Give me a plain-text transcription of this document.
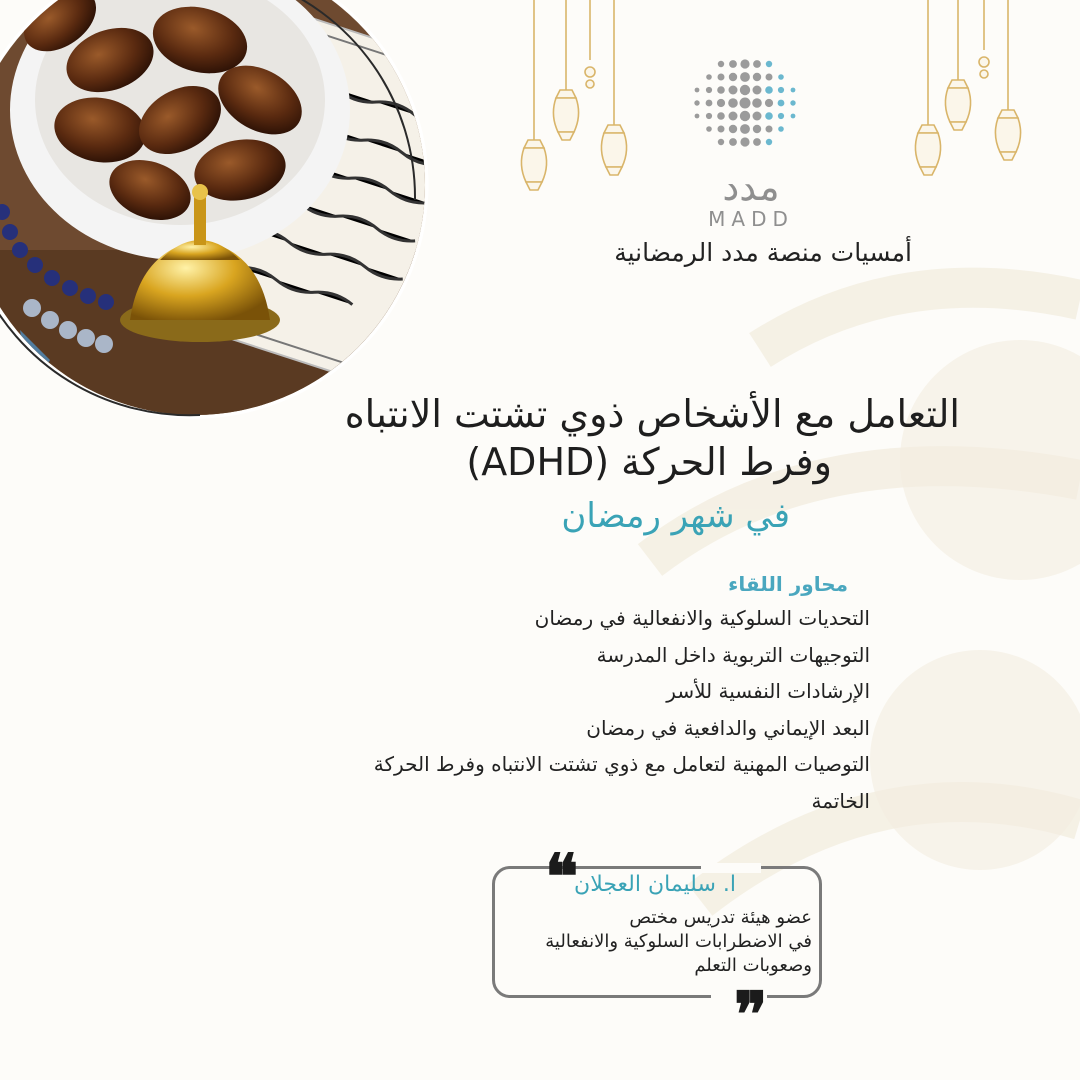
مدد
MADD
أمسيات منصة مدد الرمضانية
التعامل مع الأشخاص ذوي تشتت الانتباه
وفرط الحركة (ADHD)
في شهر رمضان
محاور اللقاء
التحديات السلوكية والانفعالية في رمضان
التوجيهات التربوية داخل المدرسة
الإرشادات النفسية للأسر
البعد الإيماني والدافعية في رمضان
التوصيات المهنية لتعامل مع ذوي تشتت الانتباه وفرط الحركة
الخاتمة
❝
❞
ا. سليمان العجلان
عضو هيئة تدريس مختص
في الاضطرابات السلوكية والانفعالية
وصعوبات التعلم
